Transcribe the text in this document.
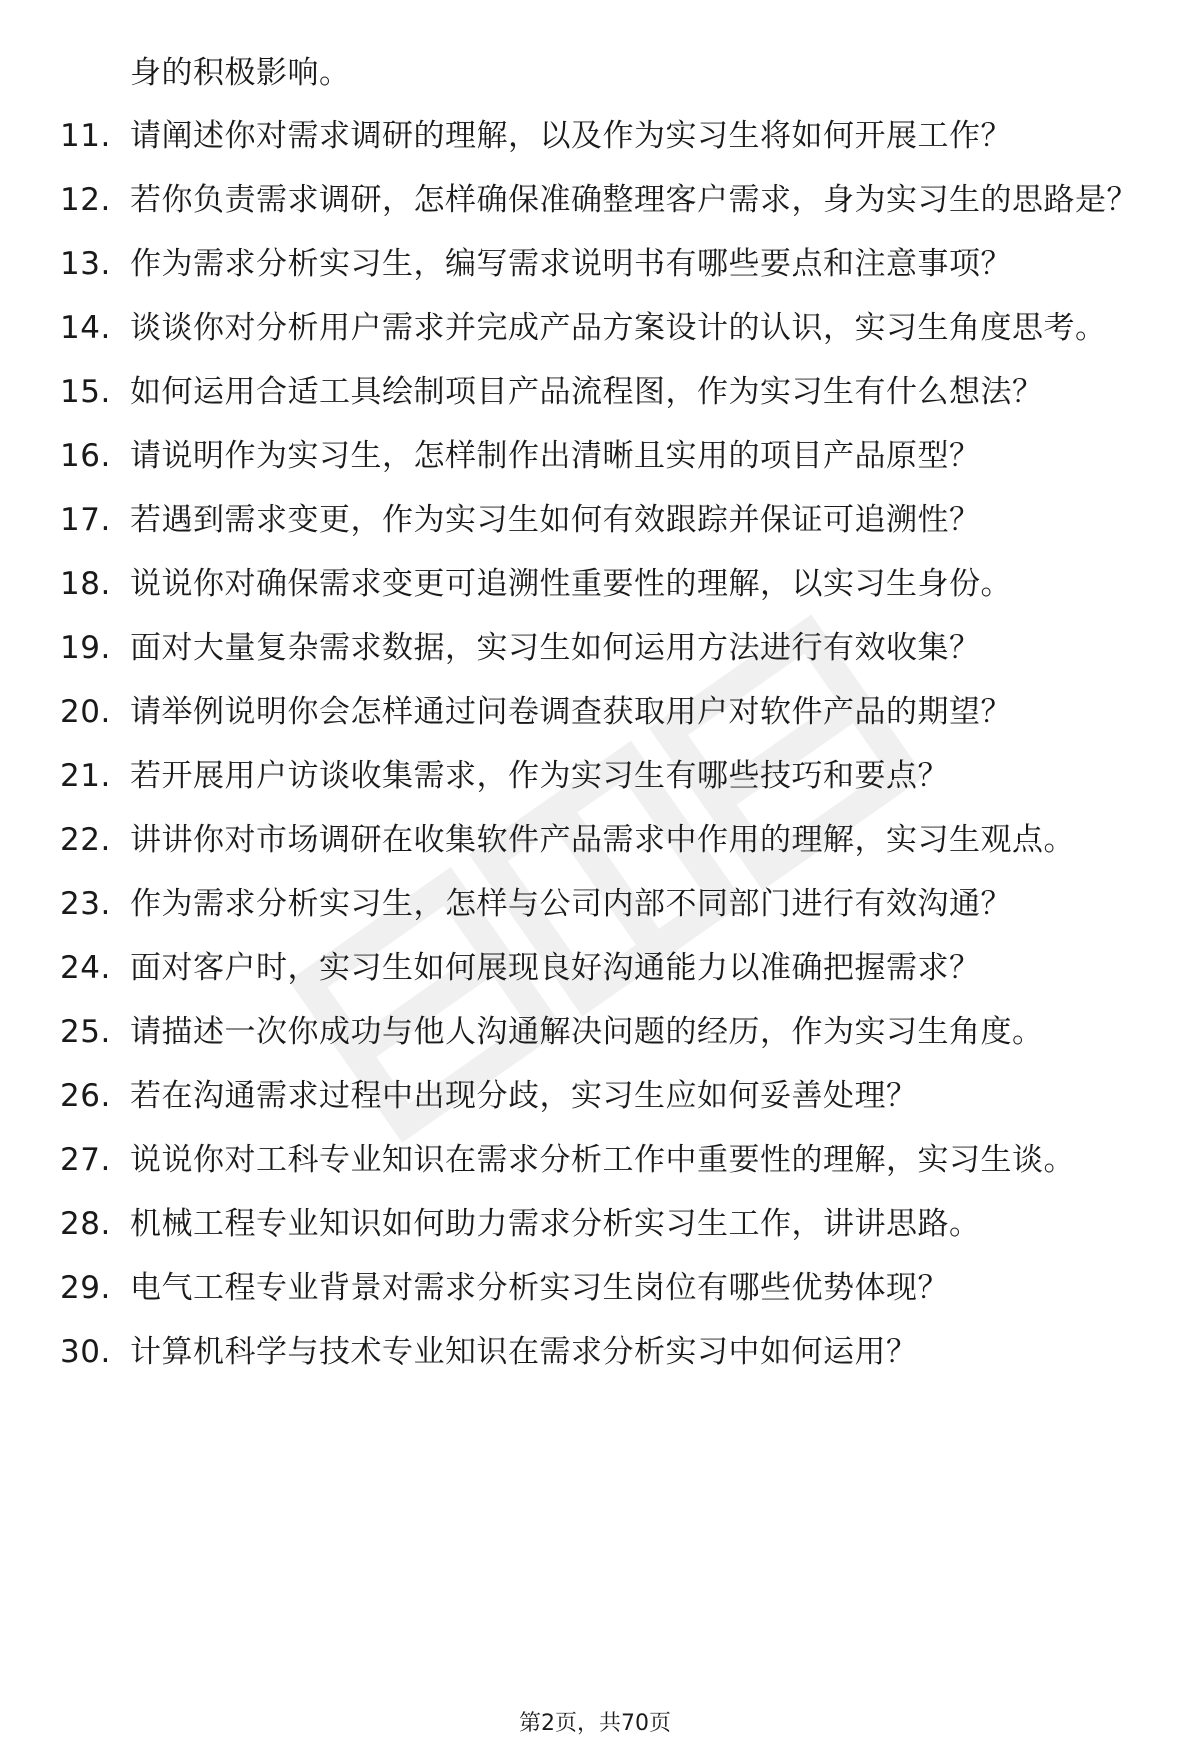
身的积极影响。
11. 请阐述你对需求调研的理解，以及作为实习生将如何开展工作？
12. 若你负责需求调研，怎样确保准确整理客户需求，身为实习生的思路是？
13. 作为需求分析实习生，编写需求说明书有哪些要点和注意事项？
14. 谈谈你对分析用户需求并完成产品方案设计的认识，实习生角度思考。
15. 如何运用合适工具绘制项目产品流程图，作为实习生有什么想法？
16. 请说明作为实习生，怎样制作出清晰且实用的项目产品原型？
17. 若遇到需求变更，作为实习生如何有效跟踪并保证可追溯性？
18. 说说你对确保需求变更可追溯性重要性的理解，以实习生身份。
19. 面对大量复杂需求数据，实习生如何运用方法进行有效收集？
20. 请举例说明你会怎样通过问卷调查获取用户对软件产品的期望？
21. 若开展用户访谈收集需求，作为实习生有哪些技巧和要点？
22. 讲讲你对市场调研在收集软件产品需求中作用的理解，实习生观点。
23. 作为需求分析实习生，怎样与公司内部不同部门进行有效沟通？
24. 面对客户时，实习生如何展现良好沟通能力以准确把握需求？
25. 请描述一次你成功与他人沟通解决问题的经历，作为实习生角度。
26. 若在沟通需求过程中出现分歧，实习生应如何妥善处理？
27. 说说你对工科专业知识在需求分析工作中重要性的理解，实习生谈。
28. 机械工程专业知识如何助力需求分析实习生工作，讲讲思路。
29. 电气工程专业背景对需求分析实习生岗位有哪些优势体现？
30. 计算机科学与技术专业知识在需求分析实习中如何运用？
第2页，共70页
